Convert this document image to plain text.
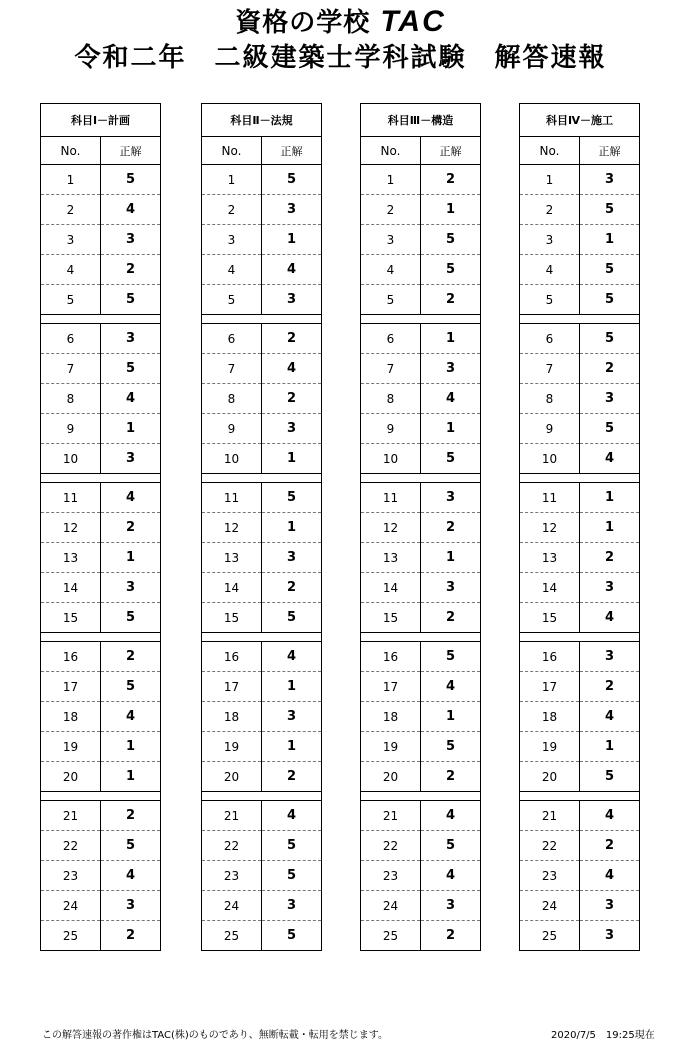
資格の学校 TAC
令和二年　二級建築士学科試験　解答速報
科目Ⅰ－計画	
No.	正解
1	5
2	4
3	3
4	2
5	5

6	3
7	5
8	4
9	1
10	3

11	4
12	2
13	1
14	3
15	5

16	2
17	5
18	4
19	1
20	1

21	2
22	5
23	4
24	3
25	2
科目Ⅱ－法規	
No.	正解
1	5
2	3
3	1
4	4
5	3

6	2
7	4
8	2
9	3
10	1

11	5
12	1
13	3
14	2
15	5

16	4
17	1
18	3
19	1
20	2

21	4
22	5
23	5
24	3
25	5
科目Ⅲ－構造	
No.	正解
1	2
2	1
3	5
4	5
5	2

6	1
7	3
8	4
9	1
10	5

11	3
12	2
13	1
14	3
15	2

16	5
17	4
18	1
19	5
20	2

21	4
22	5
23	4
24	3
25	2
科目Ⅳ－施工	
No.	正解
1	3
2	5
3	1
4	5
5	5

6	5
7	2
8	3
9	5
10	4

11	1
12	1
13	2
14	3
15	4

16	3
17	2
18	4
19	1
20	5

21	4
22	2
23	4
24	3
25	3
この解答速報の著作権はTAC(株)のものであり、無断転載・転用を禁じます。	2020/7/5　19:25現在
